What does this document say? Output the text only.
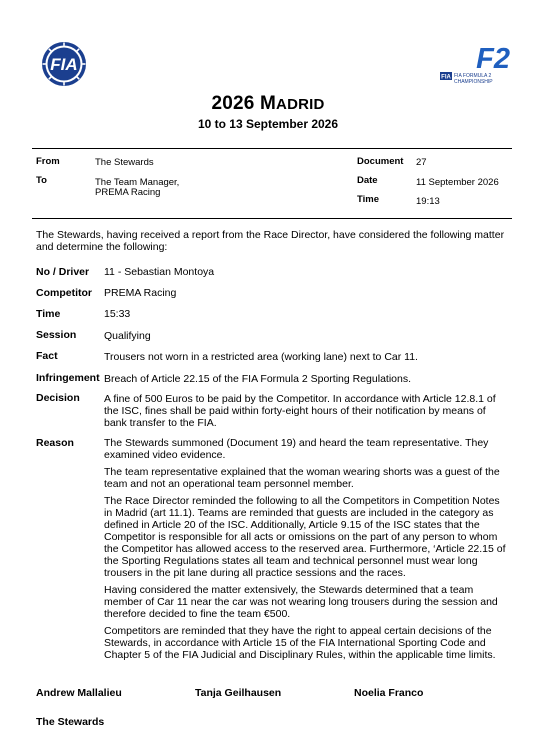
FIA	F2
FIA FIA FORMULA 2
CHAMPIONSHIP
2026 MADRID
10 to 13 September 2026
From	The Stewards
To	The Team Manager,
PREMA Racing
Document 27
Date	11 September 2026
Time	19:13
The Stewards, having received a report from the Race Director, have considered the following matter and determine the following:
No / Driver 11 - Sebastian Montoya
Competitor PREMA Racing
Time	15:33
Session	Qualifying
Fact	Trousers not worn in a restricted area (working lane) next to Car 11.
Infringement Breach of Article 22.15 of the FIA Formula 2 Sporting Regulations.
Decision A fine of 500 Euros to be paid by the Competitor. In accordance with Article 12.8.1 of the ISC, fines shall be paid within forty-eight hours of their notification by means of bank transfer to the FIA.
Reason	The Stewards summoned (Document 19) and heard the team representative. They examined video evidence.

The team representative explained that the woman wearing shorts was a guest of the team and not an operational team personnel member.

The Race Director reminded the following to all the Competitors in Competition Notes in Madrid (art 11.1). Teams are reminded that guests are included in the category as defined in Article 20 of the ISC. Additionally, Article 9.15 of the ISC states that the Competitor is responsible for all acts or omissions on the part of any person to whom the Competitor has allowed access to the reserved area. Furthermore, ‘Article 22.15 of the Sporting Regulations states all team and technical personnel must wear long trousers in the pit lane during all practice sessions and the races.

Having considered the matter extensively, the Stewards determined that a team member of Car 11 near the car was not wearing long trousers during the session and therefore decided to fine the team €500.

Competitors are reminded that they have the right to appeal certain decisions of the Stewards, in accordance with Article 15 of the FIA International Sporting Code and Chapter 5 of the FIA Judicial and Disciplinary Rules, within the applicable time limits.

Andrew Mallalieu	Tanja Geilhausen	Noelia Franco
The Stewards
